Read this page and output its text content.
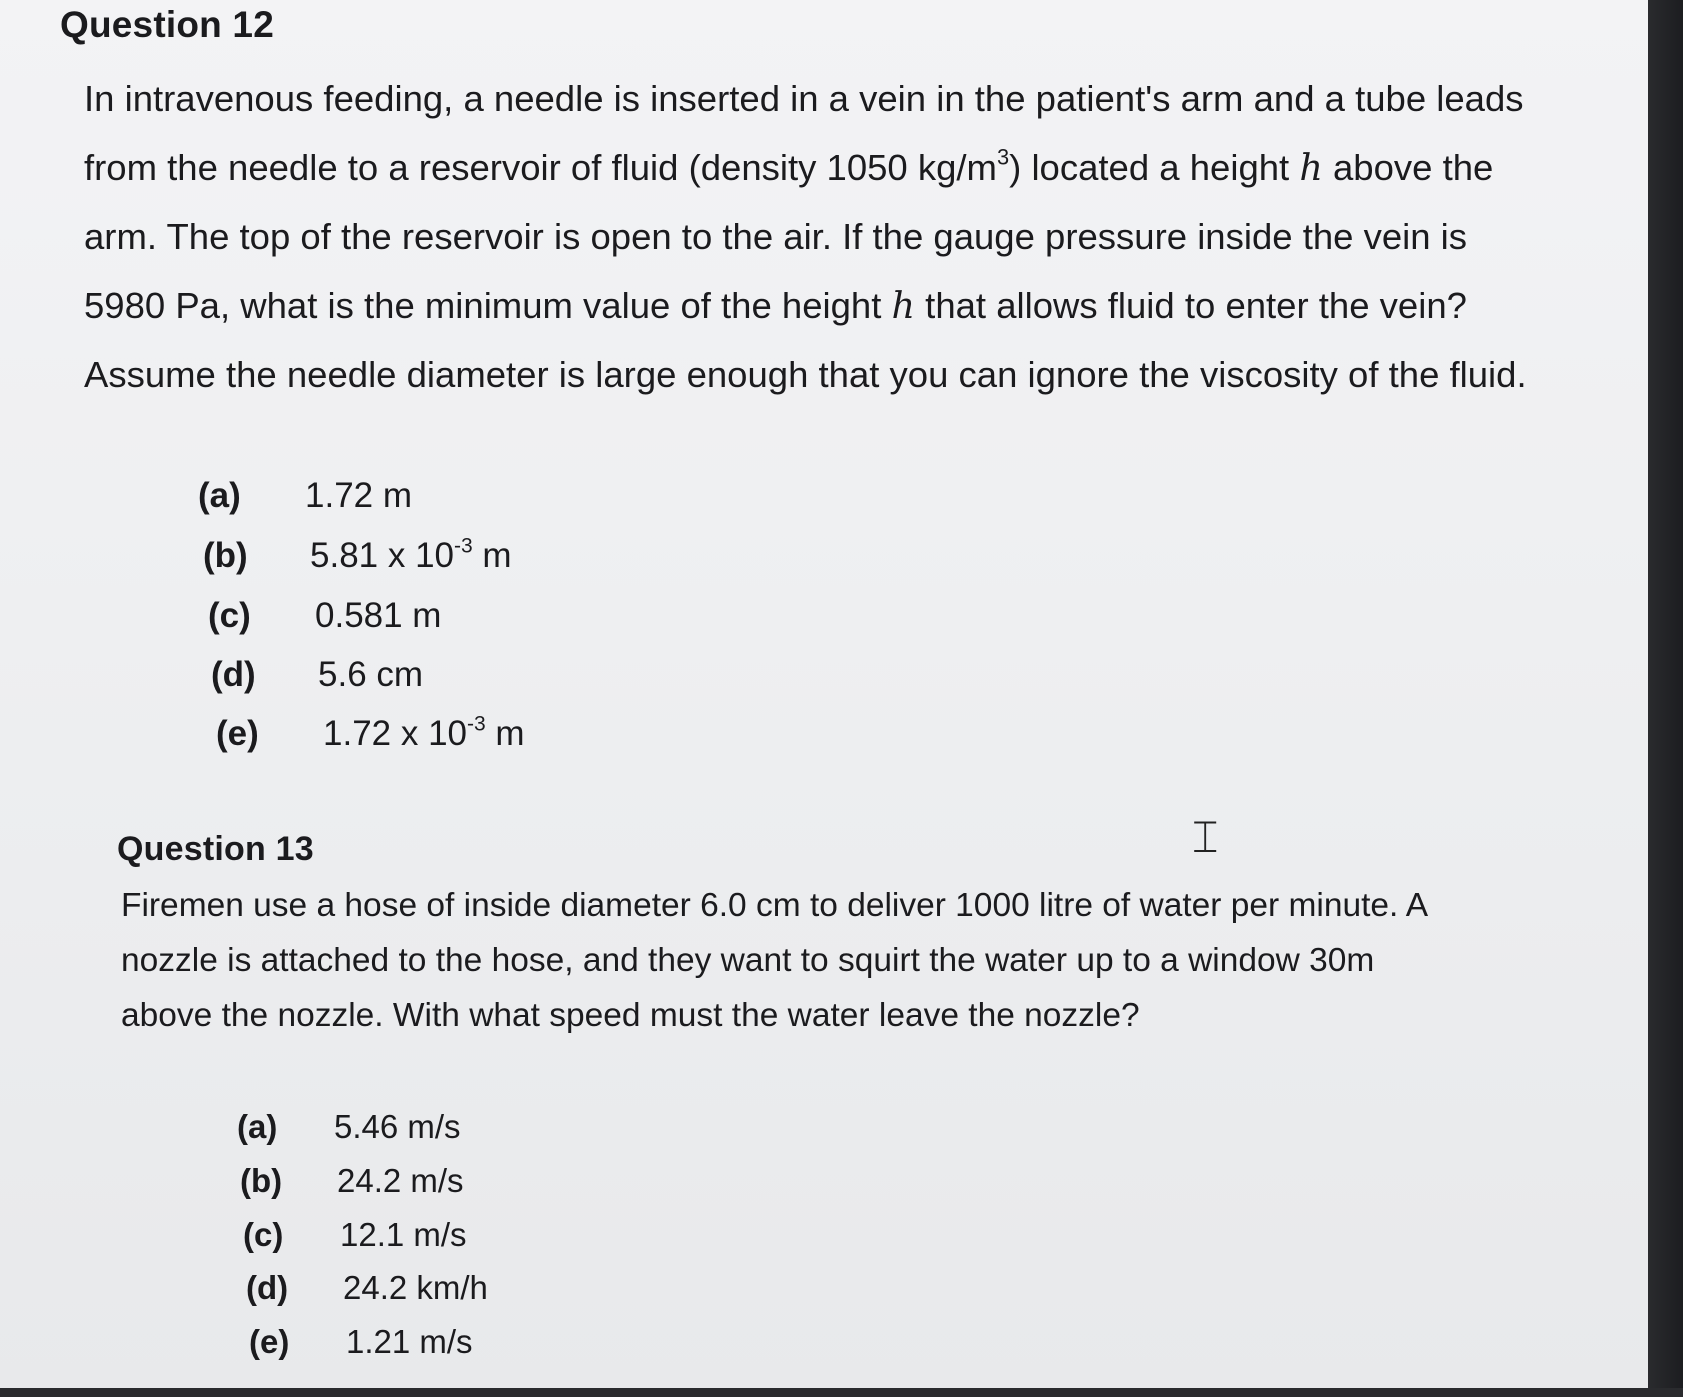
Question 12
In intravenous feeding, a needle is inserted in a vein in the patient's arm and a tube leads
from the needle to a reservoir of fluid (density 1050 $kg/m^3$) located a height h above the
arm. The top of the reservoir is open to the air. If the gauge pressure inside the vein is
5980 Pa, what is the minimum value of the height h that allows fluid to enter the vein?
Assume the needle diameter is large enough that you can ignore the viscosity of the fluid.
(a) 1.72 m
(b) 5.81 x $10^{-3}$ m
(c) 0.581 m
(d) 5.6 cm
(e) 1.72 x $10^{-3}$ m
Question 13
Firemen use a hose of inside diameter 6.0 cm to deliver 1000 litre of water per minute. A
nozzle is attached to the hose, and they want to squirt the water up to a window 30m
above the nozzle. With what speed must the water leave the nozzle?
(a) 5.46 m/s
(b) 24.2 m/s
(c) 12.1 m/s
(d) 24.2 km/h
(e) 1.21 m/s
⌶
